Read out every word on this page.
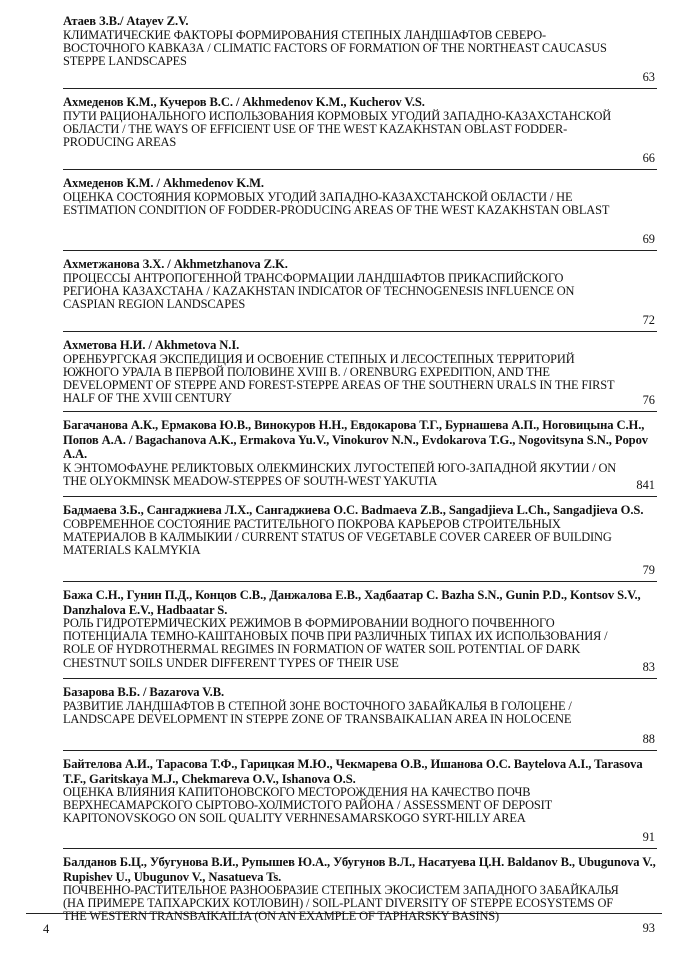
Атаев З.В./ Atayev Z.V.
КЛИМАТИЧЕСКИЕ ФАКТОРЫ ФОРМИРОВАНИЯ СТЕПНЫХ ЛАНДШАФТОВ СЕВЕРО-ВОСТОЧНОГО КАВКАЗА / CLIMATIC FACTORS OF FORMATION OF THE NORTHEAST CAUCASUS STEPPE LANDSCAPES
63
Ахмеденов К.М., Кучеров В.С. / Akhmedenov K.M., Kucherov V.S.
ПУТИ РАЦИОНАЛЬНОГО ИСПОЛЬЗОВАНИЯ КОРМОВЫХ УГОДИЙ ЗАПАДНО-КАЗАХСТАНСКОЙ ОБЛАСТИ / THE WAYS OF EFFICIENT USE OF THE WEST KAZAKHSTAN OBLAST FODDER-PRODUCING AREAS
66
Ахмеденов К.М. / Akhmedenov K.M.
ОЦЕНКА СОСТОЯНИЯ КОРМОВЫХ УГОДИЙ ЗАПАДНО-КАЗАХСТАНСКОЙ ОБЛАСТИ / HE ESTIMATION CONDITION OF FODDER-PRODUCING AREAS OF THE WEST KAZAKHSTAN OBLAST
69
Ахметжанова З.Х. / Akhmetzhanova Z.K.
ПРОЦЕССЫ АНТРОПОГЕННОЙ ТРАНСФОРМАЦИИ ЛАНДШАФТОВ ПРИКАСПИЙСКОГО РЕГИОНА КАЗАХСТАНА / KAZAKHSTAN INDICATOR OF TECHNOGENESIS INFLUENCE ON CASPIAN REGION LANDSCAPES
72
Ахметова Н.И. / Akhmetova N.I.
ОРЕНБУРГСКАЯ ЭКСПЕДИЦИЯ И ОСВОЕНИЕ СТЕПНЫХ И ЛЕСОСТЕПНЫХ ТЕРРИТОРИЙ ЮЖНОГО УРАЛА В ПЕРВОЙ ПОЛОВИНЕ XVIII В. / ORENBURG EXPEDITION, AND THE DEVELOPMENT OF STEPPE AND FOREST-STEPPE AREAS OF THE SOUTHERN URALS IN THE FIRST HALF OF THE XVIII CENTURY	76
Багачанова А.К., Ермакова Ю.В., Винокуров Н.Н., Евдокарова Т.Г., Бурнашева А.П., Ноговицына С.Н., Попов А.А. / Bagachanova A.K., Ermakova Yu.V., Vinokurov N.N., Evdokarova T.G., Nogovitsyna S.N., Popov A.A.
К ЭНТОМОФАУНЕ РЕЛИКТОВЫХ ОЛЕКМИНСКИХ ЛУГОСТЕПЕЙ ЮГО-ЗАПАДНОЙ ЯКУТИИ / ON THE OLYOKMINSK MEADOW-STEPPES OF SOUTH-WEST YAKUTIA	841
Бадмаева З.Б., Сангаджиева Л.Х., Сангаджиева О.С. Badmaeva Z.B., Sangadjieva L.Ch., Sangadjieva O.S.
СОВРЕМЕННОЕ СОСТОЯНИЕ РАСТИТЕЛЬНОГО ПОКРОВА КАРЬЕРОВ СТРОИТЕЛЬНЫХ МАТЕРИАЛОВ В КАЛМЫКИИ / CURRENT STATUS OF VEGETABLE COVER CAREER OF BUILDING MATERIALS KALMYKIA
79
Бажа С.Н., Гунин П.Д., Концов С.В., Данжалова Е.В., Хадбаатар С. Bazha S.N., Gunin P.D., Kontsov S.V., Danzhalova E.V., Hadbaatar S.
РОЛЬ ГИДРОТЕРМИЧЕСКИХ РЕЖИМОВ В ФОРМИРОВАНИИ ВОДНОГО ПОЧВЕННОГО ПОТЕНЦИАЛА ТЕМНО-КАШТАНОВЫХ ПОЧВ ПРИ РАЗЛИЧНЫХ ТИПАХ ИХ ИСПОЛЬЗОВАНИЯ / ROLE OF HYDROTHERMAL REGIMES IN FORMATION OF WATER SOIL POTENTIAL OF DARK CHESTNUT SOILS UNDER DIFFERENT TYPES OF THEIR USE	83
Базарова В.Б. / Bazarova V.B.
РАЗВИТИЕ ЛАНДШАФТОВ В СТЕПНОЙ ЗОНЕ ВОСТОЧНОГО ЗАБАЙКАЛЬЯ В ГОЛОЦЕНЕ / LANDSCAPE DEVELOPMENT IN STEPPE ZONE OF TRANSBAIKALIAN AREA IN HOLOCENE
88
Байтелова А.И., Тарасова Т.Ф., Гарицкая М.Ю., Чекмарева О.В., Ишанова О.С. Baytelova A.I., Tarasova T.F., Garitskaya M.J., Chekmareva O.V., Ishanova O.S.
ОЦЕНКА ВЛИЯНИЯ КАПИТОНОВСКОГО МЕСТОРОЖДЕНИЯ НА КАЧЕСТВО ПОЧВ ВЕРХНЕСАМАРСКОГО СЫРТОВО-ХОЛМИСТОГО РАЙОНА / ASSESSMENT OF DEPOSIT KAPITONOVSKOGO ON SOIL QUALITY VERHNESAMARSKOGO SYRT-HILLY AREA
91
Балданов Б.Ц., Убугунова В.И., Рупышев Ю.А., Убугунов В.Л., Насатуева Ц.Н. Baldanov B., Ubugunova V., Rupishev U., Ubugunov V., Nasatueva Ts.
ПОЧВЕННО-РАСТИТЕЛЬНОЕ РАЗНООБРАЗИЕ СТЕПНЫХ ЭКОСИСТЕМ ЗАПАДНОГО ЗАБАЙКАЛЬЯ (НА ПРИМЕРЕ ТАПХАРСКИХ КОТЛОВИН) / SOIL-PLANT DIVERSITY OF STEPPE ECOSYSTEMS OF THE WESTERN TRANSBAIKAILIA (ON AN EXAMPLE OF TAPHARSKY BASINS)
93
4
